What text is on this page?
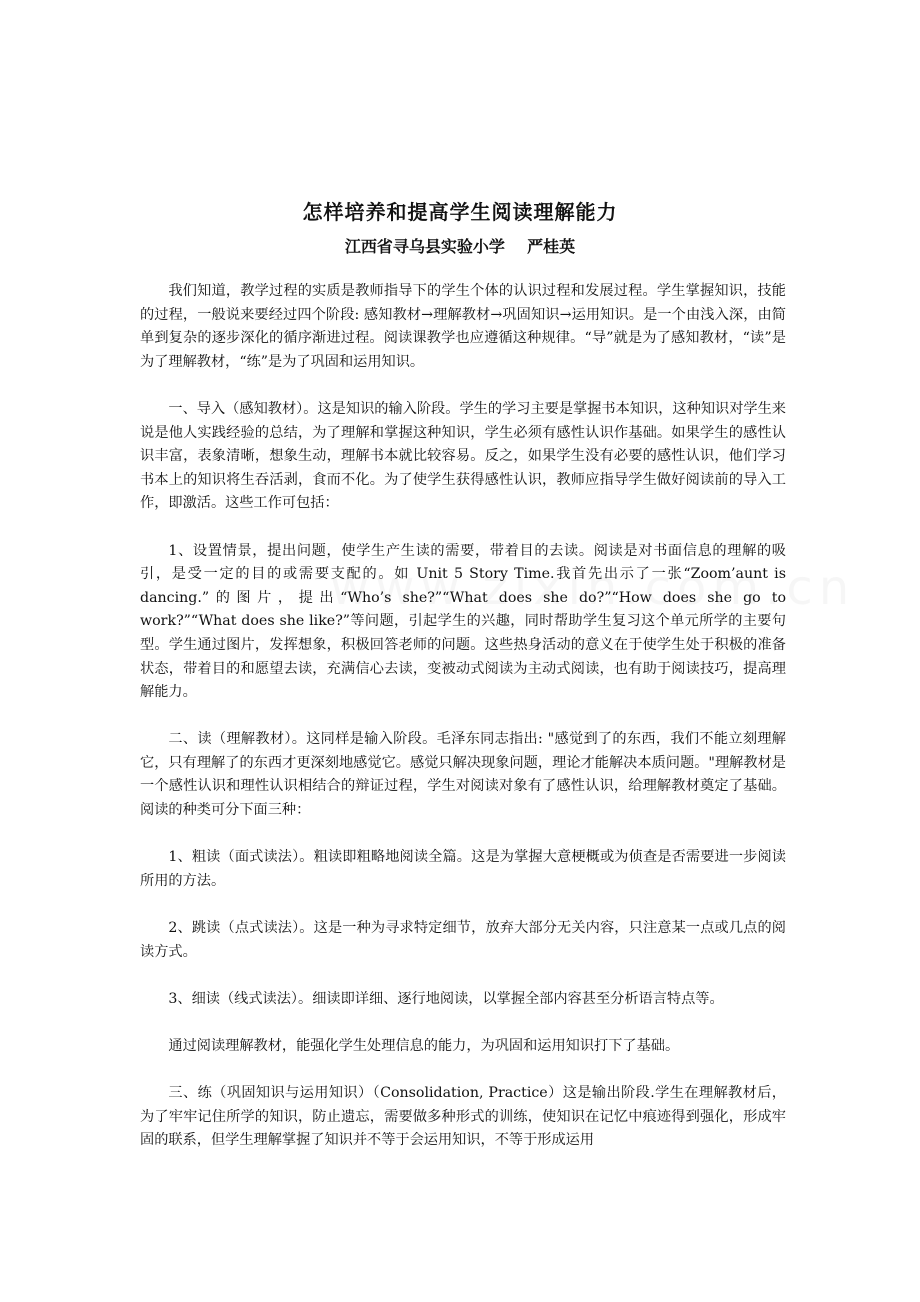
怎样培养和提高学生阅读理解能力
江西省寻乌县实验小学    严桂英

我们知道，教学过程的实质是教师指导下的学生个体的认识过程和发展过程。学生掌握知识，技能的过程，一般说来要经过四个阶段: 感知教材→理解教材→巩固知识→运用知识。是一个由浅入深，由简单到复杂的逐步深化的循序渐进过程。阅读课教学也应遵循这种规律。“导”就是为了感知教材，“读”是为了理解教材，“练”是为了巩固和运用知识。

一、导入（感知教材）。这是知识的输入阶段。学生的学习主要是掌握书本知识，这种知识对学生来说是他人实践经验的总结，为了理解和掌握这种知识，学生必须有感性认识作基础。如果学生的感性认识丰富，表象清晰，想象生动，理解书本就比较容易。反之，如果学生没有必要的感性认识，他们学习书本上的知识将生吞活剥，食而不化。为了使学生获得感性认识，教师应指导学生做好阅读前的导入工作，即激活。这些工作可包括：

1、设置情景，提出问题，使学生产生读的需要，带着目的去读。阅读是对书面信息的理解的吸引，是受一定的目的或需要支配的。如 Unit 5 Story Time.我首先出示了一张“Zoom’aunt is dancing.”的图片，提出“Who’s she?”“What does she do?”“How does she go to work?”“What does she like?”等问题，引起学生的兴趣，同时帮助学生复习这个单元所学的主要句型。学生通过图片，发挥想象，积极回答老师的问题。这些热身活动的意义在于使学生处于积极的准备状态，带着目的和愿望去读，充满信心去读，变被动式阅读为主动式阅读，也有助于阅读技巧，提高理解能力。

二、读（理解教材）。这同样是输入阶段。毛泽东同志指出: "感觉到了的东西，我们不能立刻理解它，只有理解了的东西才更深刻地感觉它。感觉只解决现象问题，理论才能解决本质问题。"理解教材是一个感性认识和理性认识相结合的辩证过程，学生对阅读对象有了感性认识，给理解教材奠定了基础。阅读的种类可分下面三种：

1、粗读（面式读法）。粗读即粗略地阅读全篇。这是为掌握大意梗概或为侦查是否需要进一步阅读所用的方法。

2、跳读（点式读法）。这是一种为寻求特定细节，放弃大部分无关内容，只注意某一点或几点的阅读方式。

3、细读（线式读法）。细读即详细、逐行地阅读，以掌握全部内容甚至分析语言特点等。

通过阅读理解教材，能强化学生处理信息的能力，为巩固和运用知识打下了基础。

三、练（巩固知识与运用知识）（Consolidation, Practice）这是输出阶段.学生在理解教材后，为了牢牢记住所学的知识，防止遗忘，需要做多种形式的训练，使知识在记忆中痕迹得到强化，形成牢固的联系，但学生理解掌握了知识并不等于会运用知识，不等于形成运用
